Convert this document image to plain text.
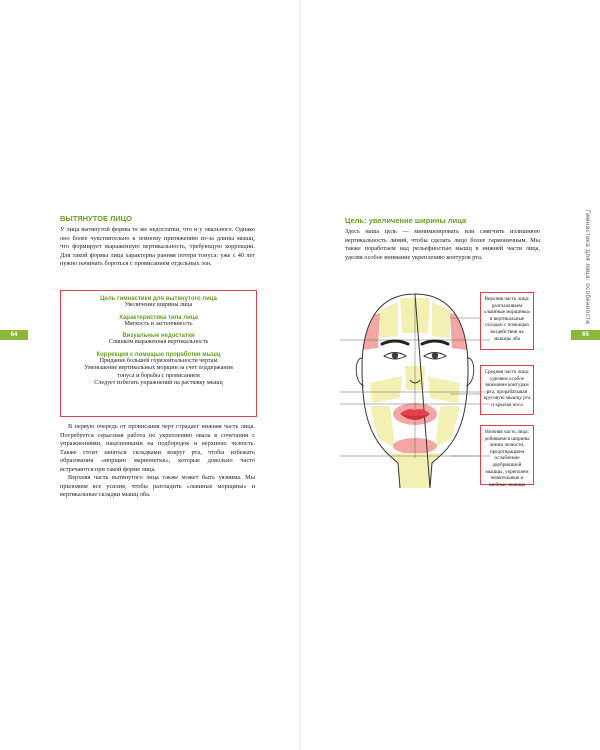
64	65
Гимнастика для лица: особенности
ВЫТЯНУТОЕ ЛИЦО

У лица вытянутой формы те же недостатки, что и у овального. Однако оно более чувствительно к земному притяжению из-за длины мышц, что формирует выраженную вертикальность, требующую коррекции. Для такой формы лица характерна ранняя потеря тонуса: уже с 40 лет нужно начинать бороться с провисанием отдельных зон.

Цель гимнастики для вытянутого лица
Увеличение ширины лица
Характеристика типа лица
Мягкость и застенчивость
Визуальные недостатки
Слишком выраженная вертикальность
Коррекция с помощью проработки мышц
Придание большей горизонтальности чертам
Уменьшение вертикальных морщин за счет поддержания тонуса и борьбы с провисанием
Следует избегать упражнений на растяжку мышц

В первую очередь от провисания черт страдает нижняя часть лица. Потребуется серьезная работа по укреплению овала в сочетании с упражнениями, нацеленными на подбородок и верхнюю челюсть. Также стоит заняться складками вокруг рта, чтобы избежать образования «морщин марионетки», которые довольно часто встречаются при такой форме лица.

Верхняя часть вытянутого лица также может быть уязвима. Мы приложим все усилия, чтобы разгладить «львиные морщины» и вертикальные складки мышц лба.

Цель: увеличение ширины лица

Здесь наша цель — минимизировать или смягчить излишнюю вертикальность линий, чтобы сделать лицо более гармоничным. Мы также поработаем над рельефностью мышц в нижней части лица, уделяя особое внимание укреплению контуров рта.

Верхняя часть лица: разглаживаем «львиные морщины» и вертикальные складки с помощью воздействия на мышцы лба
Средняя часть лица: уделяем особое внимание контурам рта, прорабатывая круговую мышцу рта и крылья носа
Нижняя часть лица: добиваемся ширины линии челюсти, предотвращаем ослабление двубрюшной мышцы, укрепляем жевательные и шейные мышцы
